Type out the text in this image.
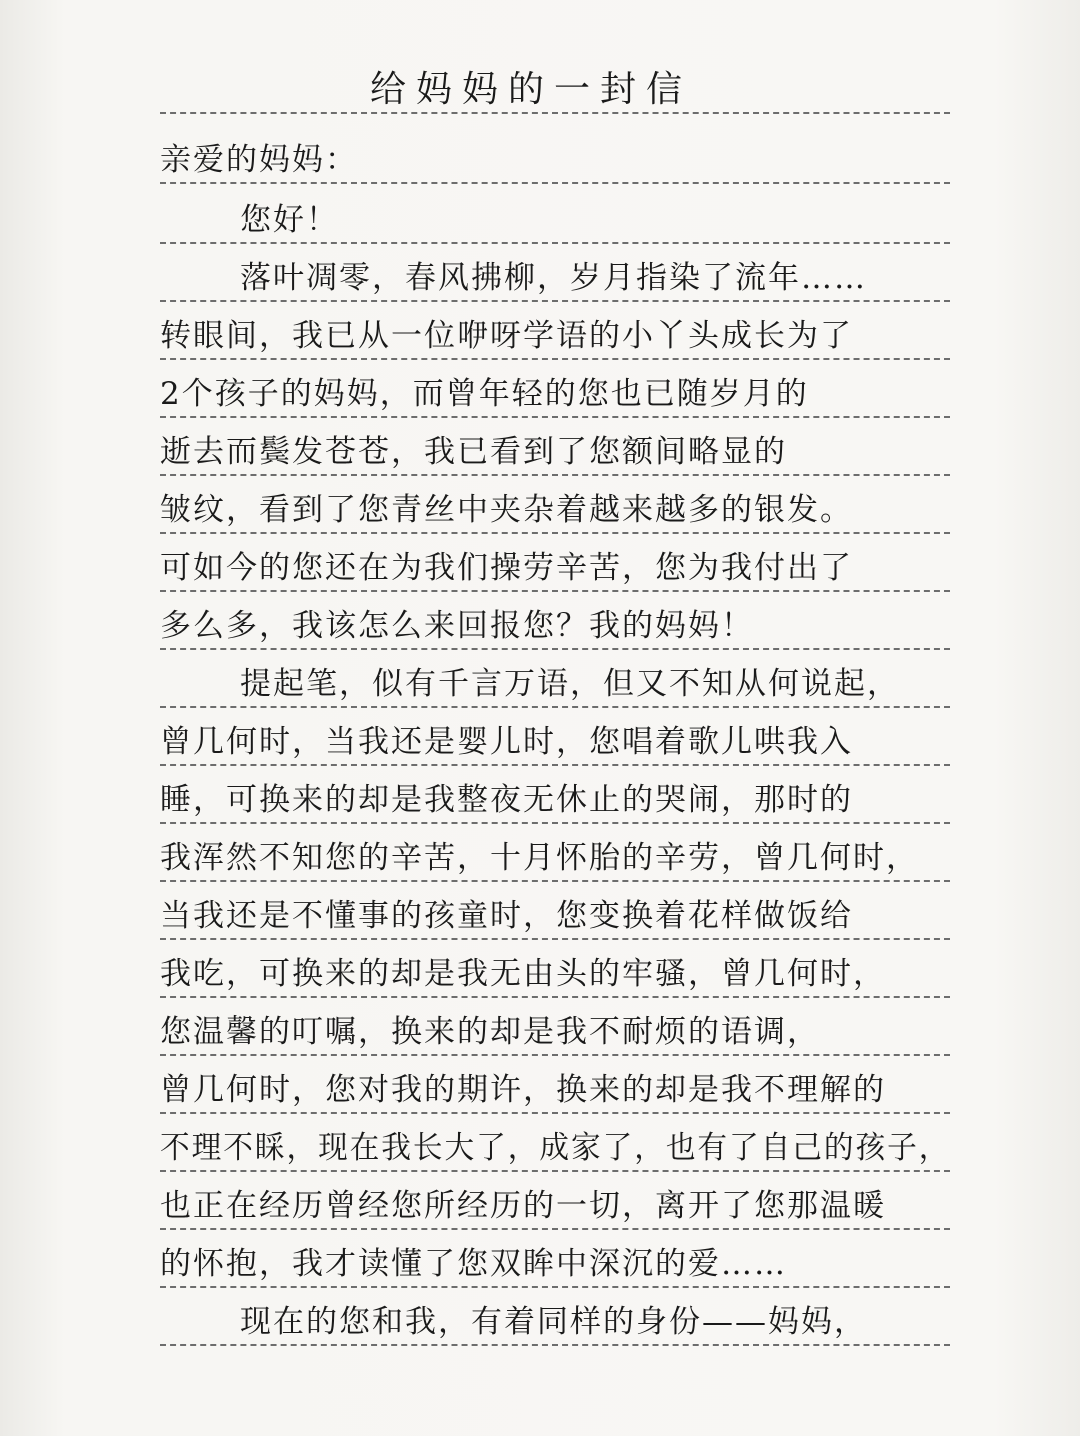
给妈妈的一封信
亲爱的妈妈：
您好！
落叶凋零，春风拂柳，岁月指染了流年……
转眼间，我已从一位咿呀学语的小丫头成长为了
2个孩子的妈妈，而曾年轻的您也已随岁月的
逝去而鬓发苍苍，我已看到了您额间略显的
皱纹，看到了您青丝中夹杂着越来越多的银发。
可如今的您还在为我们操劳辛苦，您为我付出了
多么多，我该怎么来回报您？我的妈妈！
提起笔，似有千言万语，但又不知从何说起，
曾几何时，当我还是婴儿时，您唱着歌儿哄我入
睡，可换来的却是我整夜无休止的哭闹，那时的
我浑然不知您的辛苦，十月怀胎的辛劳，曾几何时，
当我还是不懂事的孩童时，您变换着花样做饭给
我吃，可换来的却是我无由头的牢骚，曾几何时，
您温馨的叮嘱，换来的却是我不耐烦的语调，
曾几何时，您对我的期许，换来的却是我不理解的
不理不睬，现在我长大了，成家了，也有了自己的孩子，
也正在经历曾经您所经历的一切，离开了您那温暖
的怀抱，我才读懂了您双眸中深沉的爱……
现在的您和我，有着同样的身份——妈妈，
